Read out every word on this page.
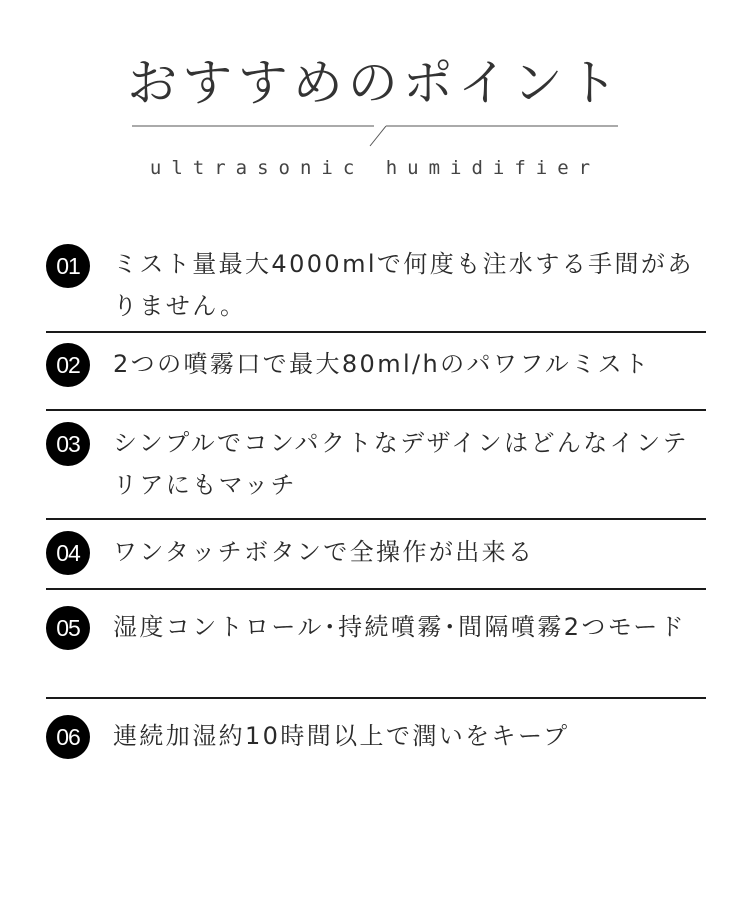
おすすめのポイント
ultrasonic humidifier
01	ミスト量最大4000mlで何度も注水する手間がありません。
02	2つの噴霧口で最大80ml/hのパワフルミスト
03	シンプルでコンパクトなデザインはどんなインテリアにもマッチ
04	ワンタッチボタンで全操作が出来る
05	湿度コントロール･持続噴霧･間隔噴霧2つモード
06	連続加湿約10時間以上で潤いをキープ
